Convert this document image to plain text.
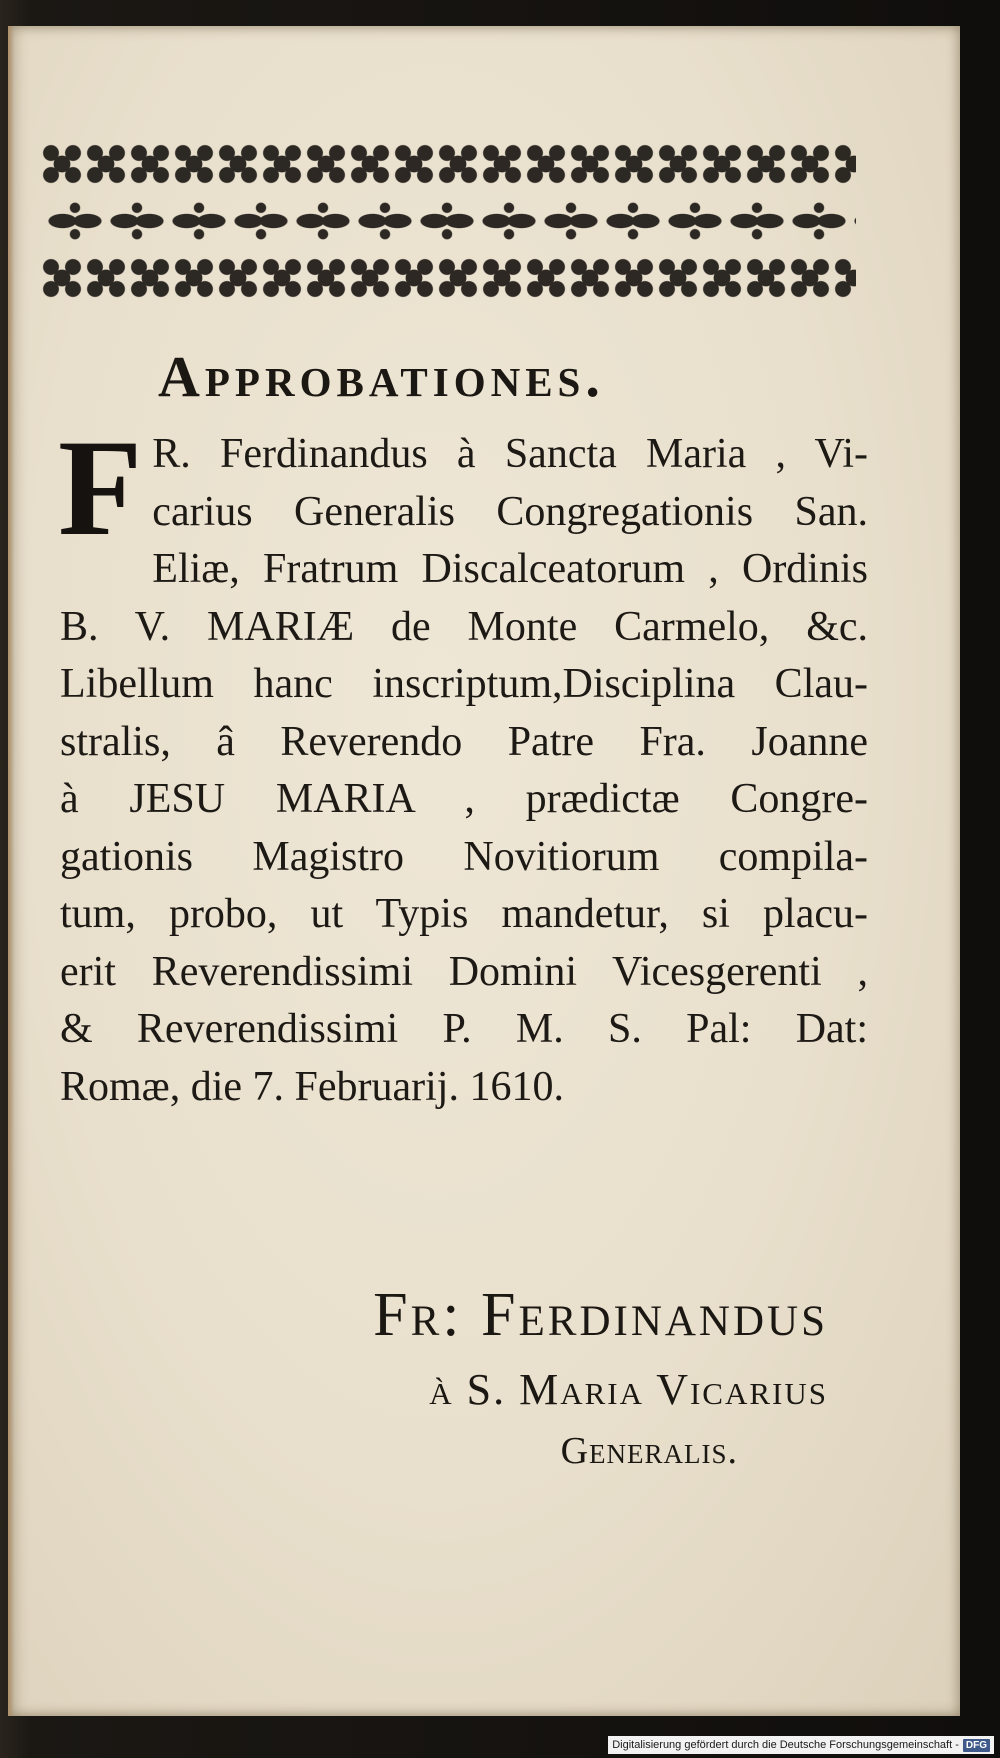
Approbationes.
F R. Ferdinandus à Sancta Maria , Vi-
carius Generalis Congregationis San.
Eliæ, Fratrum Discalceatorum , Ordinis
B. V. MARIÆ de Monte Carmelo, &c.
Libellum hanc inscriptum,Disciplina Clau-
stralis, â Reverendo Patre Fra. Joanne
à JESU MARIA , prædictæ Congre-
gationis Magistro Novitiorum compila-
tum, probo, ut Typis mandetur, si placu-
erit Reverendissimi Domini Vicesgerenti ,
& Reverendissimi P. M. S. Pal: Dat:
Romæ, die 7. Februarij. 1610.

Fr: Ferdinandus

à S. Maria Vicarius

Generalis.

Digitalisierung gefördert durch die Deutsche Forschungsgemeinschaft - DFG
